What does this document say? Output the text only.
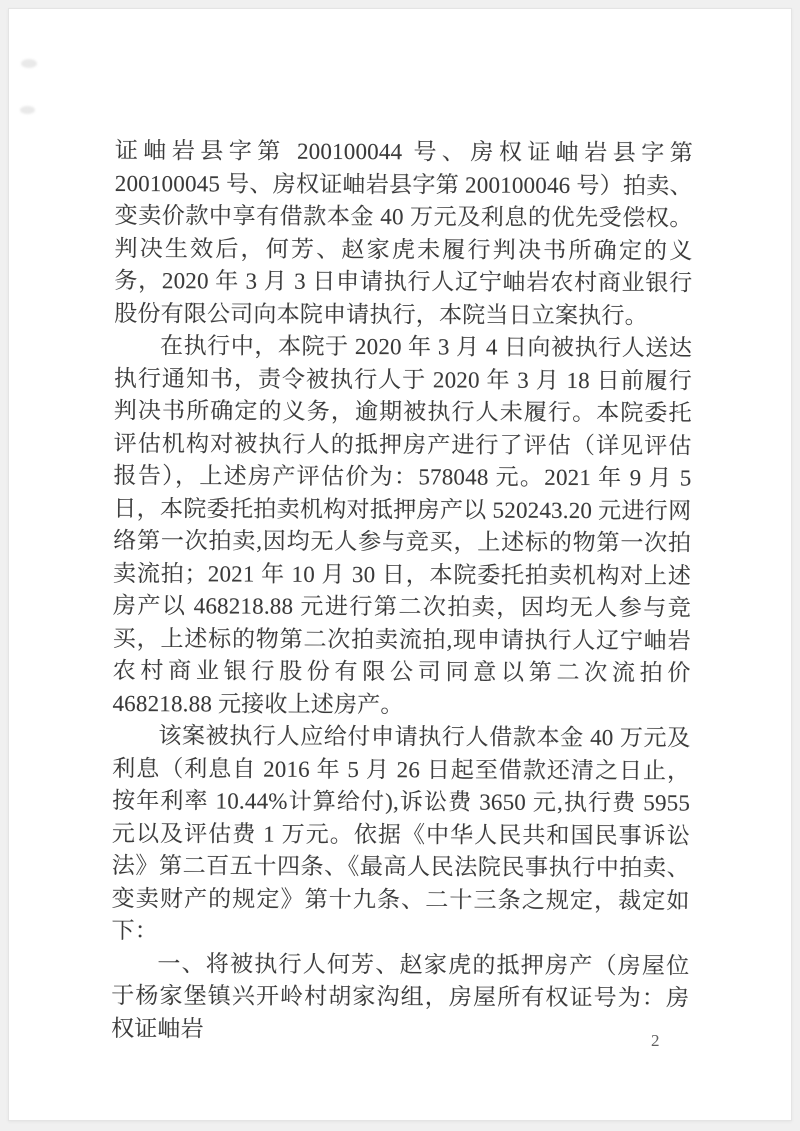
证岫岩县字第 200100044 号、房权证岫岩县字第 200100045 号、房权证岫岩县字第 200100046 号）拍卖、变卖价款中享有借款本金 40 万元及利息的优先受偿权。判决生效后，何芳、赵家虎未履行判决书所确定的义务，2020 年 3 月 3 日申请执行人辽宁岫岩农村商业银行股份有限公司向本院申请执行，本院当日立案执行。

在执行中，本院于 2020 年 3 月 4 日向被执行人送达执行通知书，责令被执行人于 2020 年 3 月 18 日前履行判决书所确定的义务，逾期被执行人未履行。本院委托评估机构对被执行人的抵押房产进行了评估（详见评估报告），上述房产评估价为：578048 元。2021 年 9 月 5 日，本院委托拍卖机构对抵押房产以 520243.20 元进行网络第一次拍卖,因均无人参与竞买，上述标的物第一次拍卖流拍；2021 年 10 月 30 日，本院委托拍卖机构对上述房产以 468218.88 元进行第二次拍卖，因均无人参与竞买，上述标的物第二次拍卖流拍,现申请执行人辽宁岫岩农村商业银行股份有限公司同意以第二次流拍价 468218.88 元接收上述房产。

该案被执行人应给付申请执行人借款本金 40 万元及利息（利息自 2016 年 5 月 26 日起至借款还清之日止，按年利率 10.44%计算给付),诉讼费 3650 元,执行费 5955 元以及评估费 1 万元。依据《中华人民共和国民事诉讼法》第二百五十四条、《最高人民法院民事执行中拍卖、变卖财产的规定》第十九条、二十三条之规定，裁定如下：

一、将被执行人何芳、赵家虎的抵押房产（房屋位于杨家堡镇兴开岭村胡家沟组，房屋所有权证号为：房权证岫岩	2
